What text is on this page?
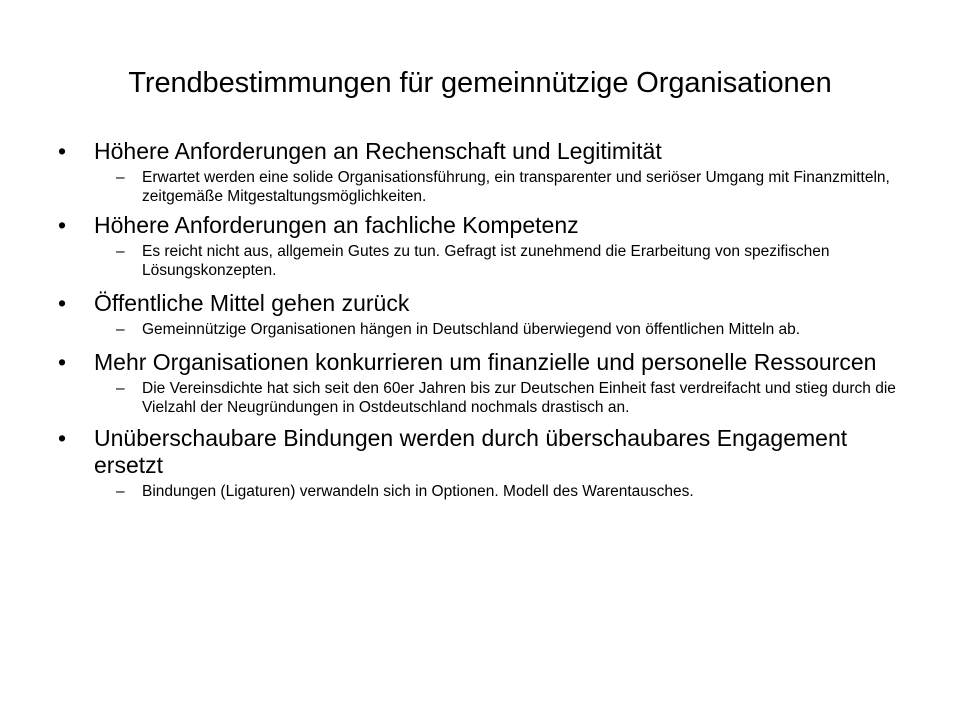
Trendbestimmungen für gemeinnützige Organisationen
•	Höhere Anforderungen an Rechenschaft und Legitimität
– Erwartet werden eine solide Organisationsführung, ein transparenter und seriöser Umgang mit Finanzmitteln, zeitgemäße Mitgestaltungsmöglichkeiten.
•	Höhere Anforderungen an fachliche Kompetenz
– Es reicht nicht aus, allgemein Gutes zu tun. Gefragt ist zunehmend die Erarbeitung von spezifischen Lösungskonzepten.
•	Öffentliche Mittel gehen zurück
– Gemeinnützige Organisationen hängen in Deutschland überwiegend von öffentlichen Mitteln ab.
•	Mehr Organisationen konkurrieren um finanzielle und personelle Ressourcen
– Die Vereinsdichte hat sich seit den 60er Jahren bis zur Deutschen Einheit fast verdreifacht und stieg durch die Vielzahl der Neugründungen in Ostdeutschland nochmals drastisch an.
•	Unüberschaubare Bindungen werden durch überschaubares Engagement ersetzt
– Bindungen (Ligaturen) verwandeln sich in Optionen. Modell des Warentausches.
